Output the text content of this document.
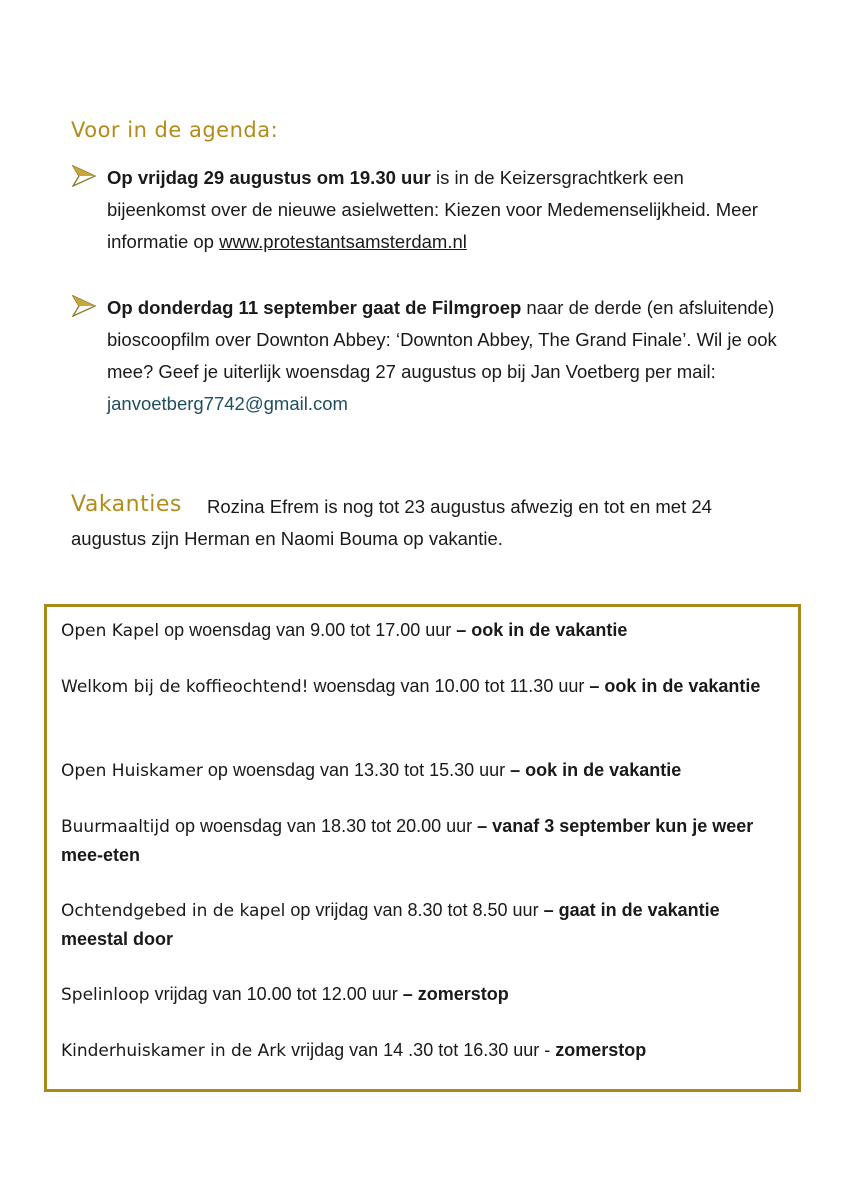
Voor in de agenda:
Op vrijdag 29 augustus om 19.30 uur is in de Keizersgrachtkerk een bijeenkomst over de nieuwe asielwetten: Kiezen voor Medemenselijkheid. Meer informatie op www.protestantsamsterdam.nl
Op donderdag 11 september gaat de Filmgroep naar de derde (en afsluitende) bioscoopfilm over Downton Abbey: ‘Downton Abbey, The Grand Finale’. Wil je ook mee? Geef je uiterlijk woensdag 27 augustus op bij Jan Voetberg per mail: janvoetberg7742@gmail.com
Vakanties	Rozina Efrem is nog tot 23 augustus afwezig en tot en met 24 augustus zijn Herman en Naomi Bouma op vakantie.
Open Kapel op woensdag van 9.00 tot 17.00 uur – ook in de vakantie
Welkom bij de koffieochtend! woensdag van 10.00 tot 11.30 uur – ook in de vakantie
Open Huiskamer op woensdag van 13.30 tot 15.30 uur – ook in de vakantie
Buurmaaltijd op woensdag van 18.30 tot 20.00 uur – vanaf 3 september kun je weer mee-eten
Ochtendgebed in de kapel op vrijdag van 8.30 tot 8.50 uur – gaat in de vakantie meestal door
Spelinloop vrijdag van 10.00 tot 12.00 uur – zomerstop
Kinderhuiskamer in de Ark vrijdag van 14 .30 tot 16.30 uur - zomerstop
